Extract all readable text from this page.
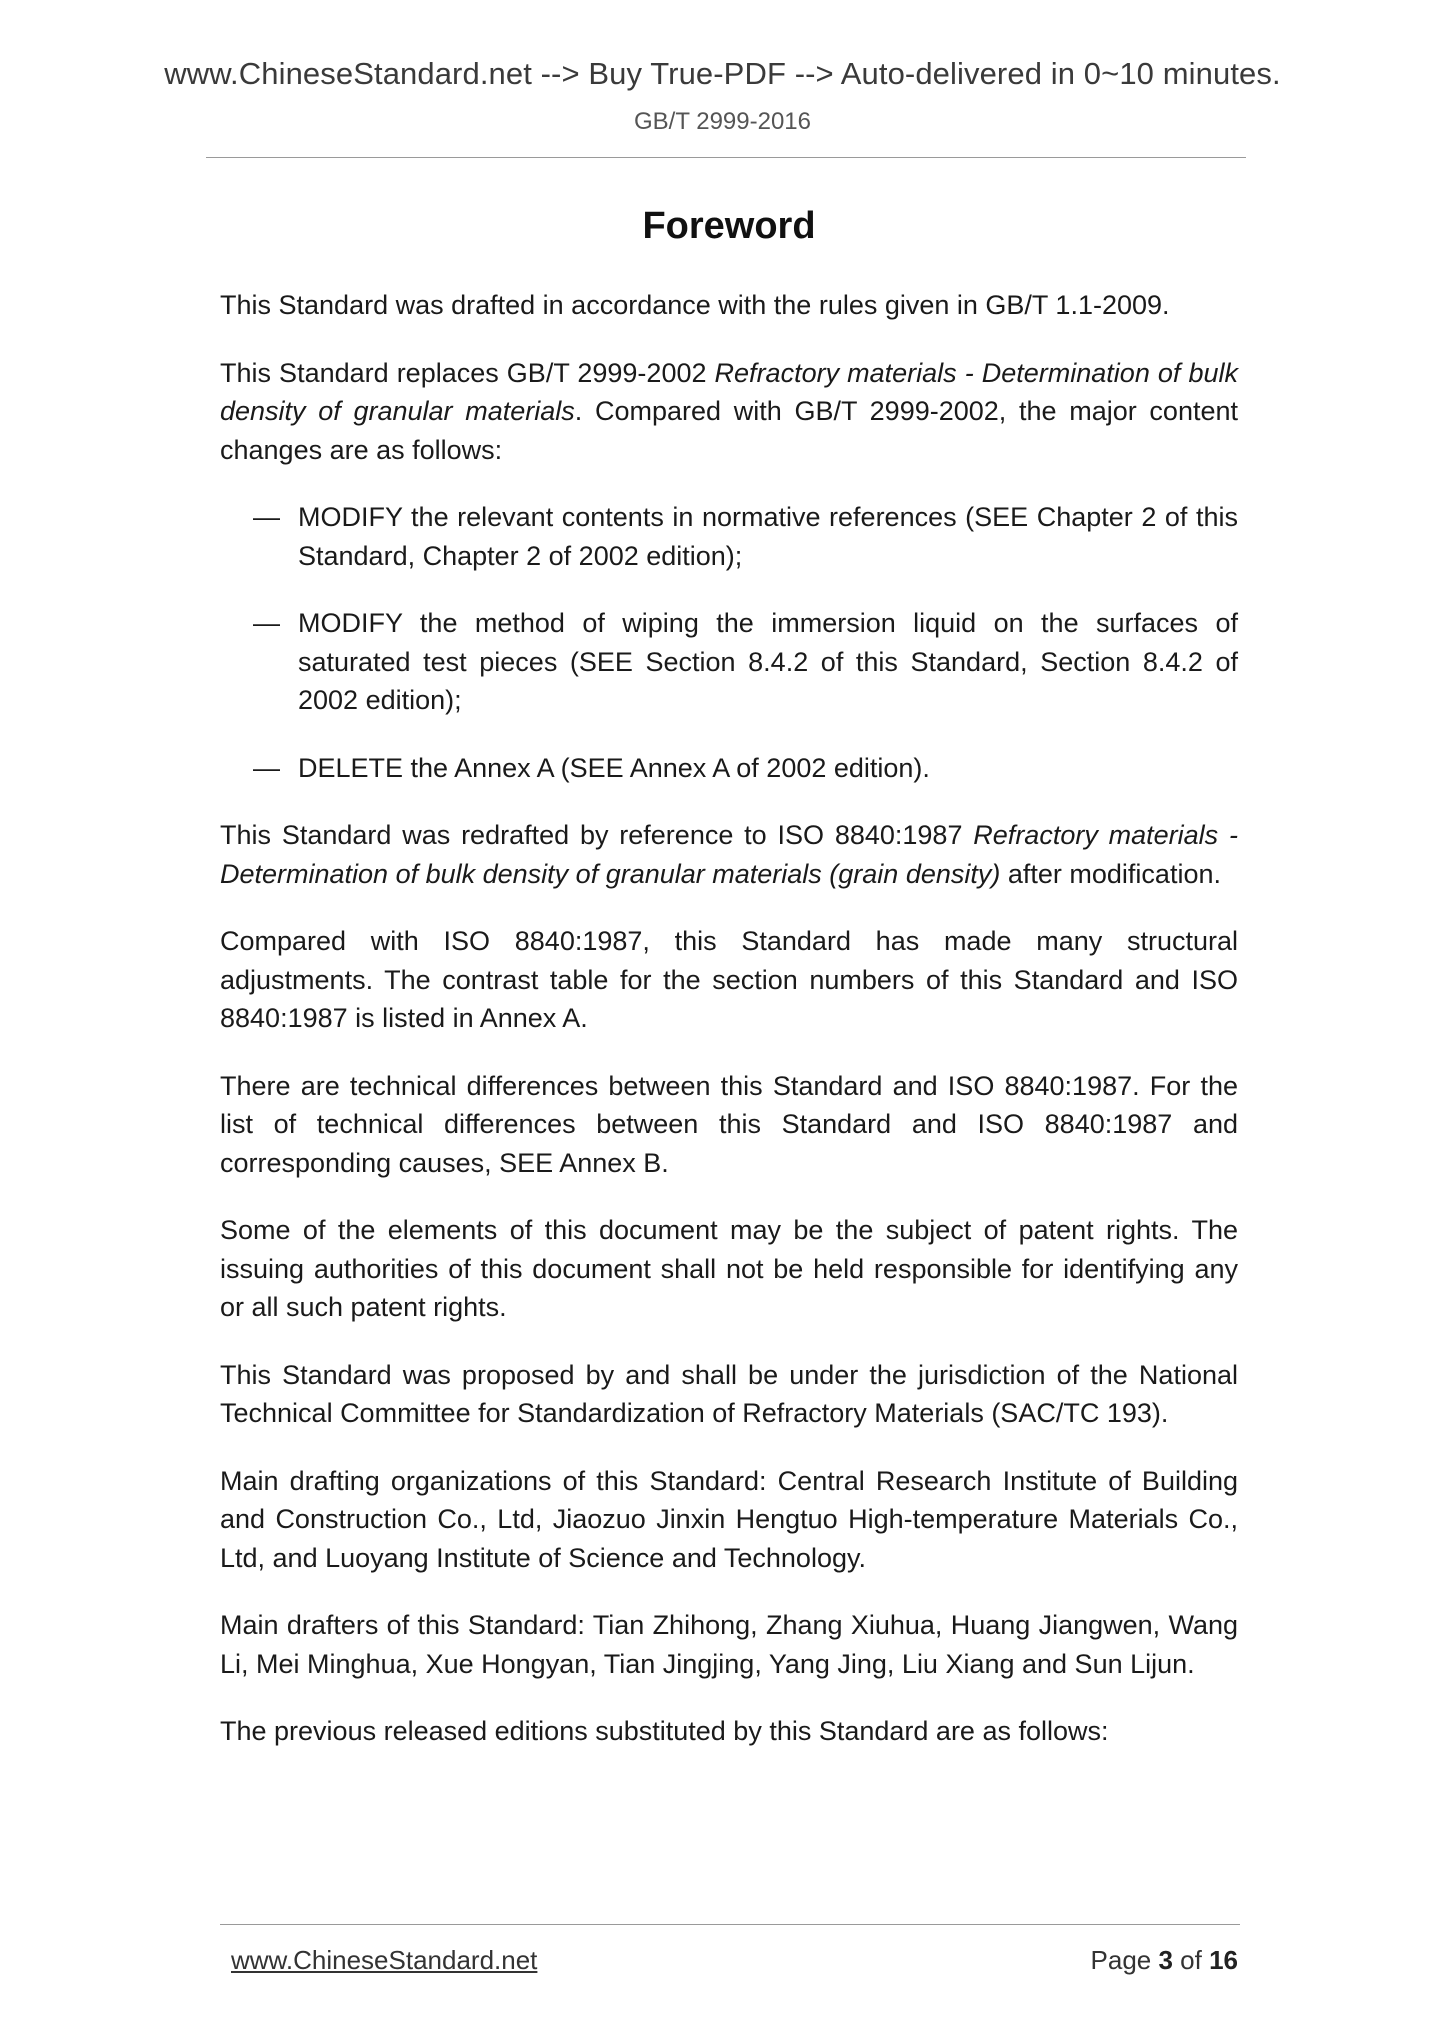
www.ChineseStandard.net --> Buy True-PDF --> Auto-delivered in 0~10 minutes.
GB/T 2999-2016
Foreword

This Standard was drafted in accordance with the rules given in GB/T 1.1-2009.

This Standard replaces GB/T 2999-2002 Refractory materials - Determination of bulk density of granular materials. Compared with GB/T 2999-2002, the major content changes are as follows:

— MODIFY the relevant contents in normative references (SEE Chapter 2 of this Standard, Chapter 2 of 2002 edition);
— MODIFY the method of wiping the immersion liquid on the surfaces of saturated test pieces (SEE Section 8.4.2 of this Standard, Section 8.4.2 of 2002 edition);
— DELETE the Annex A (SEE Annex A of 2002 edition).

This Standard was redrafted by reference to ISO 8840:1987 Refractory materials - Determination of bulk density of granular materials (grain density) after modification.

Compared with ISO 8840:1987, this Standard has made many structural adjustments. The contrast table for the section numbers of this Standard and ISO 8840:1987 is listed in Annex A.

There are technical differences between this Standard and ISO 8840:1987. For the list of technical differences between this Standard and ISO 8840:1987 and corresponding causes, SEE Annex B.

Some of the elements of this document may be the subject of patent rights. The issuing authorities of this document shall not be held responsible for identifying any or all such patent rights.

This Standard was proposed by and shall be under the jurisdiction of the National Technical Committee for Standardization of Refractory Materials (SAC/TC 193).

Main drafting organizations of this Standard: Central Research Institute of Building and Construction Co., Ltd, Jiaozuo Jinxin Hengtuo High-temperature Materials Co., Ltd, and Luoyang Institute of Science and Technology.

Main drafters of this Standard: Tian Zhihong, Zhang Xiuhua, Huang Jiangwen, Wang Li, Mei Minghua, Xue Hongyan, Tian Jingjing, Yang Jing, Liu Xiang and Sun Lijun.

The previous released editions substituted by this Standard are as follows:

www.ChineseStandard.net	Page 3 of 16
